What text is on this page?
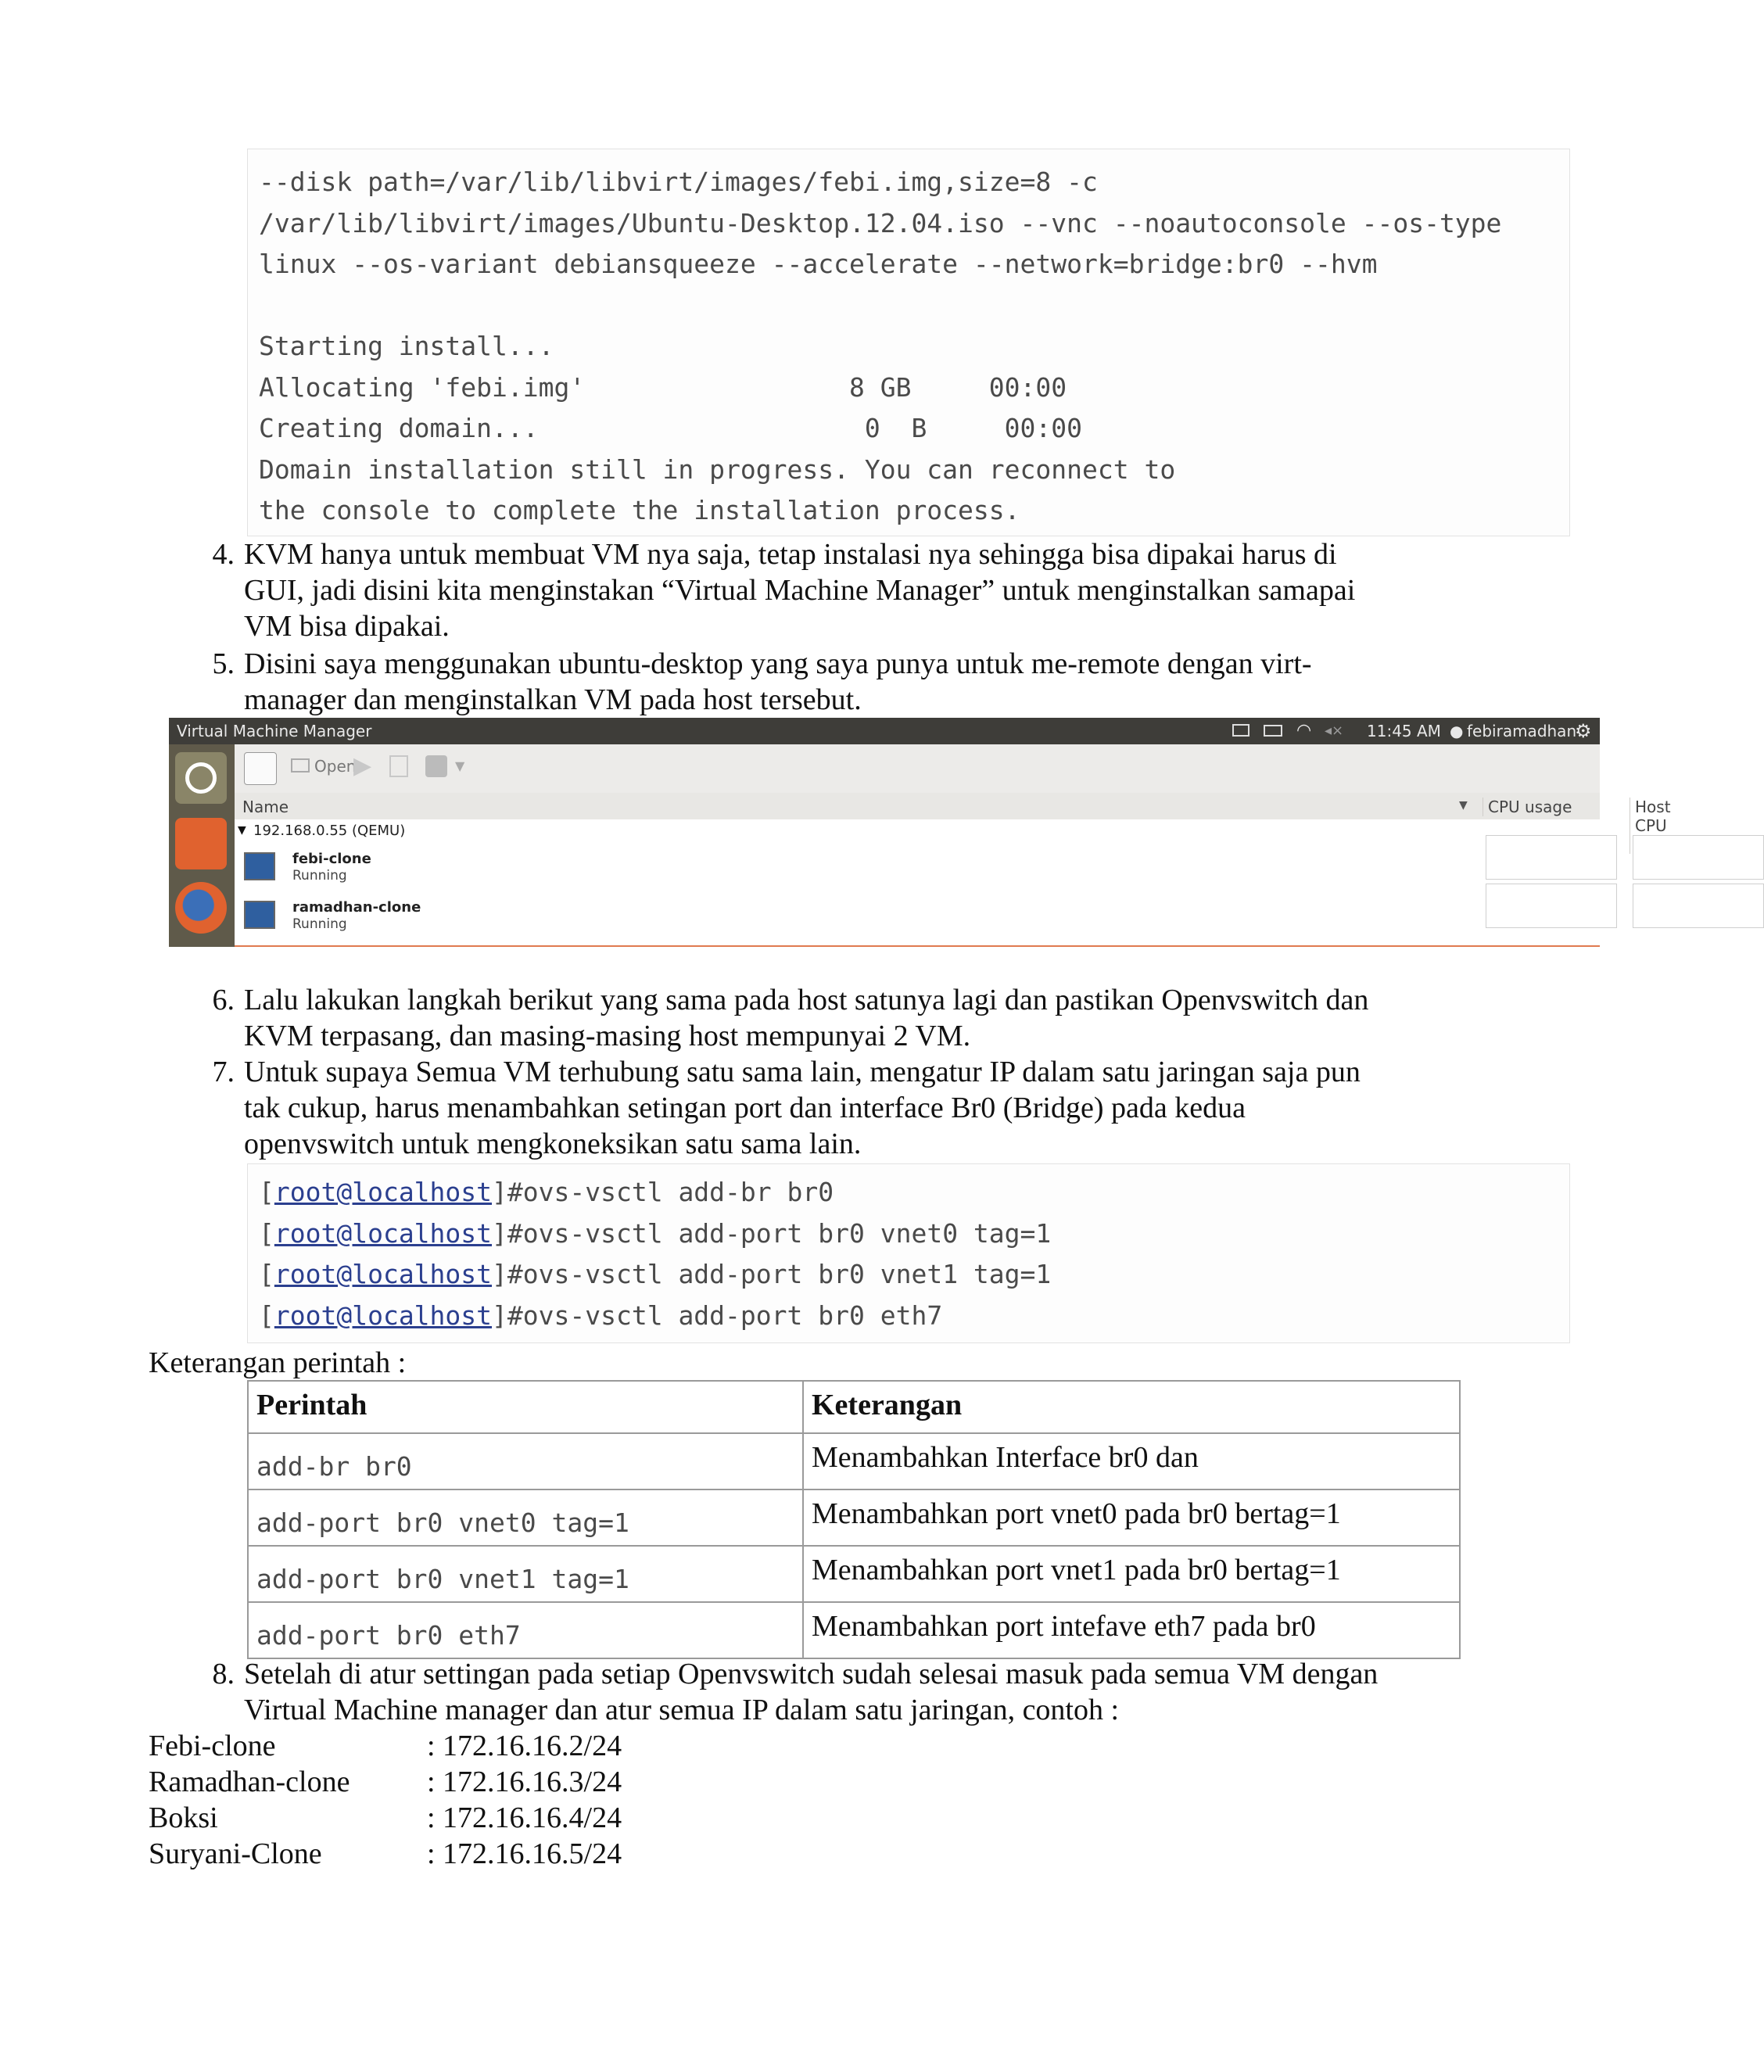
--disk path=/var/lib/libvirt/images/febi.img,size=8 -c
/var/lib/libvirt/images/Ubuntu-Desktop.12.04.iso --vnc --noautoconsole --os-type
linux --os-variant debiansqueeze --accelerate --network=bridge:br0 --hvm
Starting install...
Allocating 'febi.img'                 8 GB     00:00
Creating domain...                     0  B     00:00
Domain installation still in progress. You can reconnect to
the console to complete the installation process.
4. KVM hanya untuk membuat VM nya saja, tetap instalasi nya sehingga bisa dipakai harus di
GUI, jadi disini kita menginstakan “Virtual Machine Manager” untuk menginstalkan samapai
VM bisa dipakai.
5. Disini saya menggunakan ubuntu-desktop yang saya punya untuk me-remote dengan virt-
manager dan menginstalkan VM pada host tersebut.
Virtual Machine Manager	◠ ◂× 11:45 AM ● febiramadhan
⚙
Open
▶	▼
Name	▼	CPU usage	Host CPU
▼ 192.168.0.55 (QEMU)
febi-clone
Running
ramadhan-clone
Running
6. Lalu lakukan langkah berikut yang sama pada host satunya lagi dan pastikan Openvswitch dan
KVM terpasang, dan masing-masing host mempunyai 2 VM.
7. Untuk supaya Semua VM terhubung satu sama lain, mengatur IP dalam satu jaringan saja pun
tak cukup, harus menambahkan setingan port dan interface Br0 (Bridge) pada kedua
openvswitch untuk mengkoneksikan satu sama lain.
[root@localhost]#ovs-vsctl add-br br0
[root@localhost]#ovs-vsctl add-port br0 vnet0 tag=1
[root@localhost]#ovs-vsctl add-port br0 vnet1 tag=1
[root@localhost]#ovs-vsctl add-port br0 eth7
Keterangan perintah :
Perintah	Keterangan
add-br br0	Menambahkan Interface br0 dan
add-port br0 vnet0 tag=1	Menambahkan port vnet0 pada br0 bertag=1
add-port br0 vnet1 tag=1	Menambahkan port vnet1 pada br0 bertag=1
add-port br0 eth7	Menambahkan port intefave eth7 pada br0
8. Setelah di atur settingan pada setiap Openvswitch sudah selesai masuk pada semua VM dengan
Virtual Machine manager dan atur semua IP dalam satu jaringan, contoh :
Febi-clone	: 172.16.16.2/24
Ramadhan-clone	: 172.16.16.3/24
Boksi	: 172.16.16.4/24
Suryani-Clone	: 172.16.16.5/24
